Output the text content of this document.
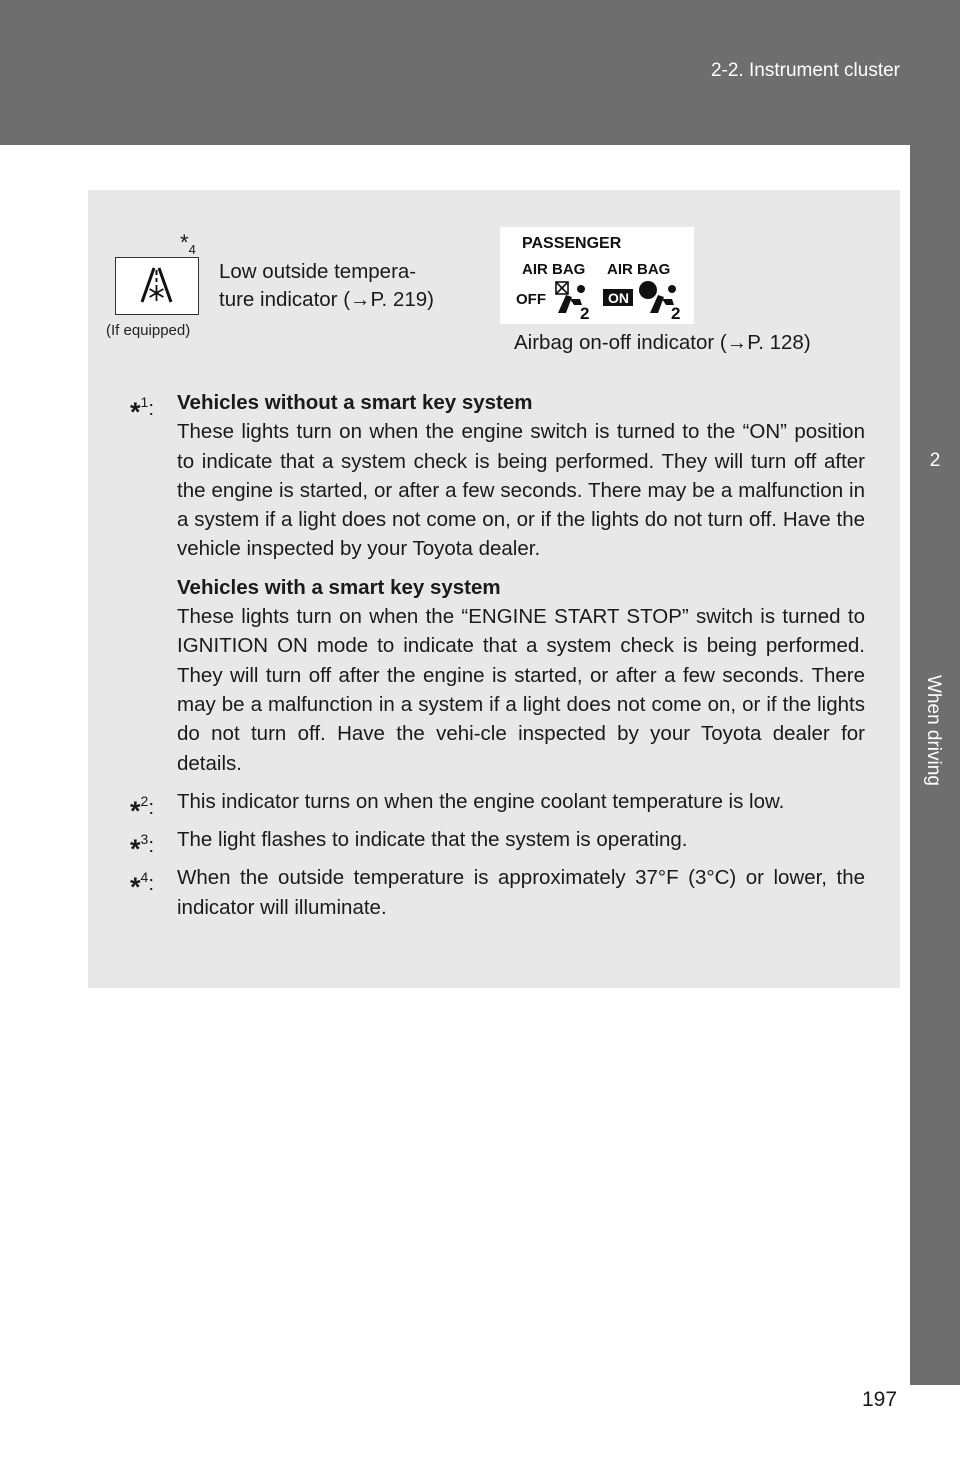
2-2. Instrument cluster
2
When driving
$*_4$
(If equipped)
Low outside tempera-
ture indicator (→P. 219)
PASSENGER
AIR BAG AIR BAG
OFF
2
ON
2
Airbag on-off indicator (→P. 128)
*$^1$: Vehicles without a smart key system
These lights turn on when the engine switch is turned to the “ON” position to indicate that a system check is being performed. They will turn off after the engine is started, or after a few seconds. There may be a malfunction in a system if a light does not come on, or if the lights do not turn off. Have the vehicle inspected by your Toyota dealer.
Vehicles with a smart key system
These lights turn on when the “ENGINE START STOP” switch is turned to IGNITION ON mode to indicate that a system check is being performed. They will turn off after the engine is started, or after a few seconds. There may be a malfunction in a system if a light does not come on, or if the lights do not turn off. Have the vehi-cle inspected by your Toyota dealer for details.
*$^2$: This indicator turns on when the engine coolant temperature is low.
*$^3$: The light flashes to indicate that the system is operating.
*$^4$: When the outside temperature is approximately 37°F (3°C) or lower, the indicator will illuminate.
197
